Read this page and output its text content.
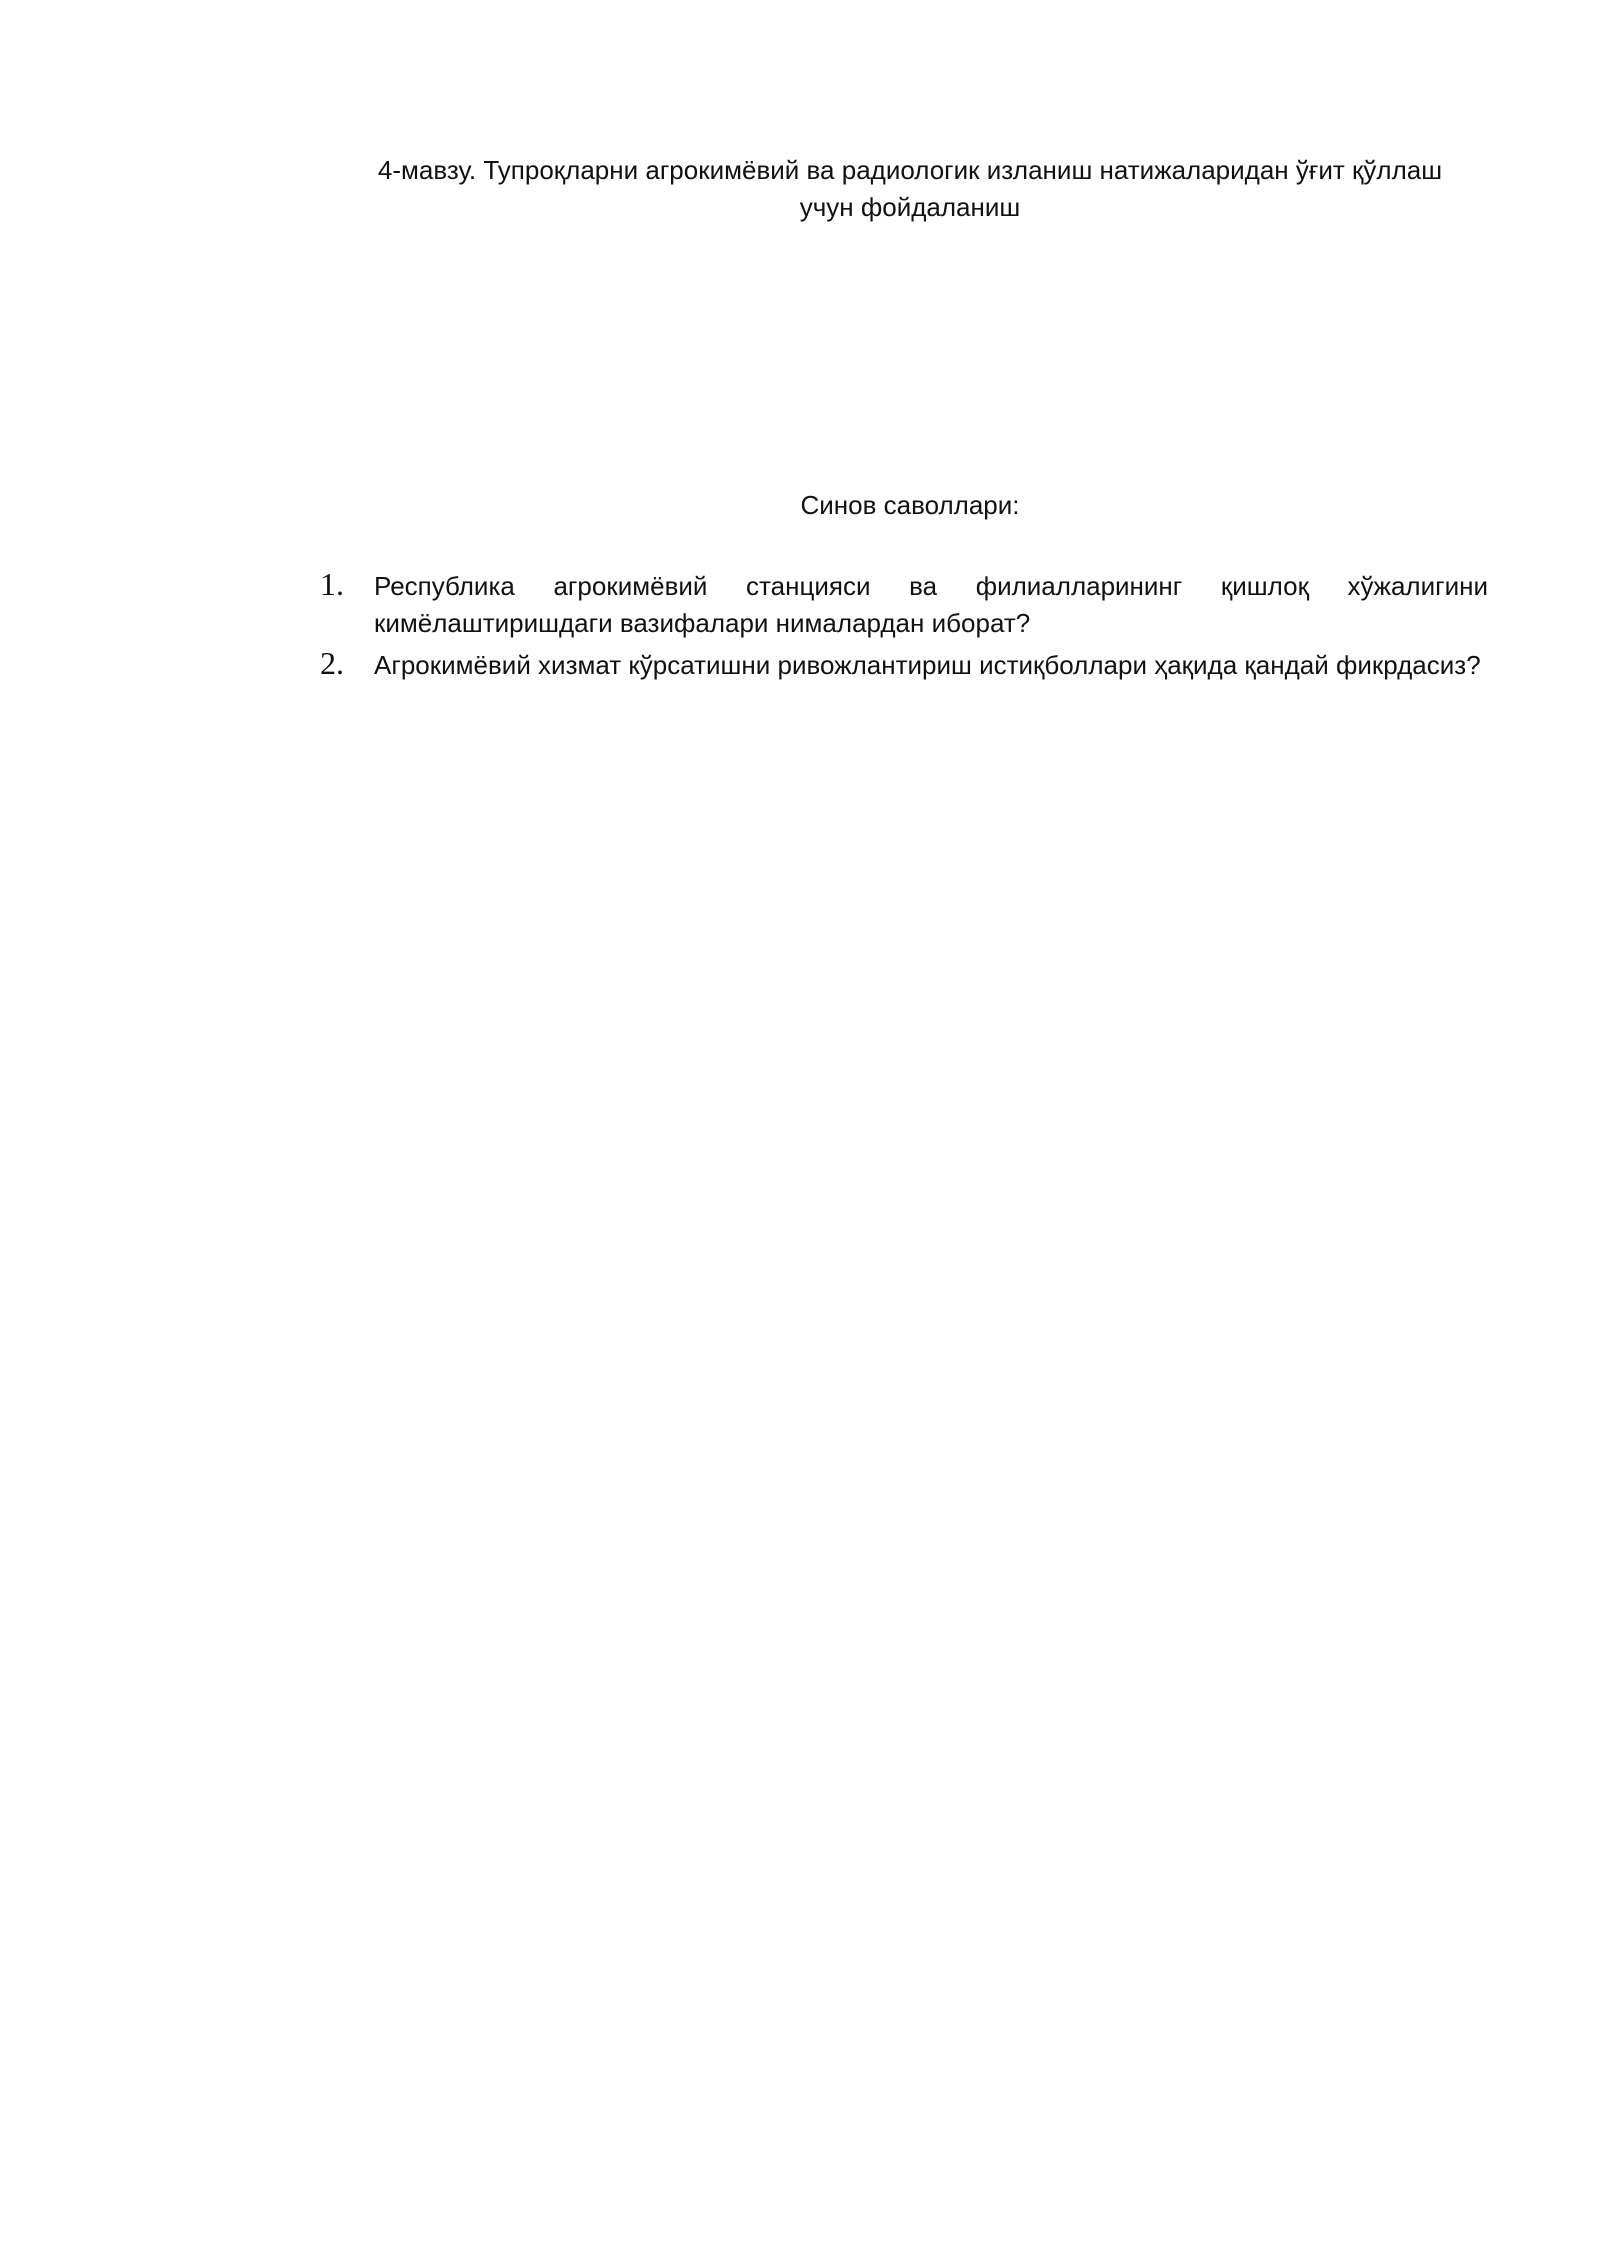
4-мавзу. Тупроқларни агрокимёвий ва радиологик изланиш натижаларидан ўғит қўллаш
учун фойдаланиш
Синов саволлари:
1. Республика агрокимёвий станцияси ва филиалларининг қишлоқ хўжалигини кимёлаштиришдаги вазифалари нималардан иборат?
2. Агрокимёвий хизмат кўрсатишни ривожлантириш истиқболлари ҳақида қандай фикрдасиз?
